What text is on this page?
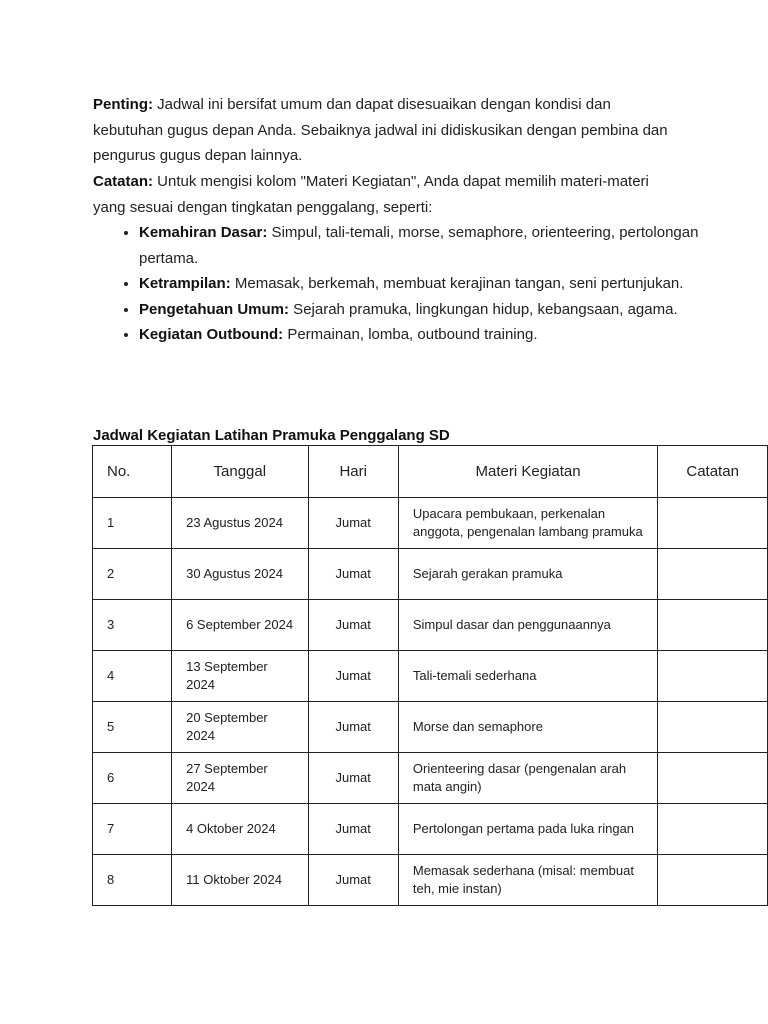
Penting: Jadwal ini bersifat umum dan dapat disesuaikan dengan kondisi dan kebutuhan gugus depan Anda. Sebaiknya jadwal ini didiskusikan dengan pembina dan pengurus gugus depan lainnya.

Catatan: Untuk mengisi kolom "Materi Kegiatan", Anda dapat memilih materi-materi yang sesuai dengan tingkatan penggalang, seperti:

• Kemahiran Dasar: Simpul, tali-temali, morse, semaphore, orienteering, pertolongan pertama.
• Ketrampilan: Memasak, berkemah, membuat kerajinan tangan, seni pertunjukan.
• Pengetahuan Umum: Sejarah pramuka, lingkungan hidup, kebangsaan, agama.
• Kegiatan Outbound: Permainan, lomba, outbound training.

Jadwal Kegiatan Latihan Pramuka Penggalang SD

No.	Tanggal	Hari	Materi Kegiatan	Catatan
1	23 Agustus 2024	Jumat	Upacara pembukaan, perkenalan anggota, pengenalan lambang pramuka	
2	30 Agustus 2024	Jumat	Sejarah gerakan pramuka	
3	6 September 2024	Jumat	Simpul dasar dan penggunaannya	
4	13 September 2024	Jumat	Tali-temali sederhana	
5	20 September 2024	Jumat	Morse dan semaphore	
6	27 September 2024	Jumat	Orienteering dasar (pengenalan arah mata angin)	
7	4 Oktober 2024	Jumat	Pertolongan pertama pada luka ringan	
8	11 Oktober 2024	Jumat	Memasak sederhana (misal: membuat teh, mie instan)	
